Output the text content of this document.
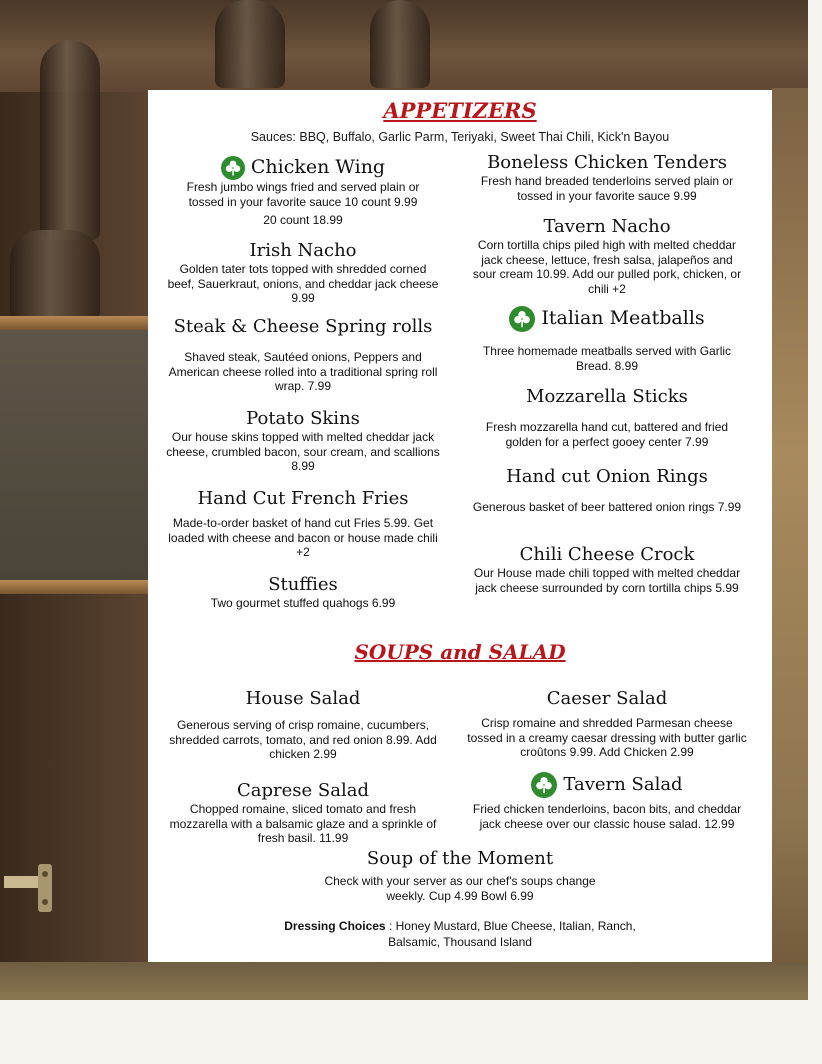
APPETIZERS
Sauces: BBQ, Buffalo, Garlic Parm, Teriyaki, Sweet Thai Chili, Kick'n Bayou
Chicken Wing

Fresh jumbo wings fried and served plain or tossed in your favorite sauce 10 count 9.99

20 count 18.99

Irish Nacho

Golden tater tots topped with shredded corned beef, Sauerkraut, onions, and cheddar jack cheese 9.99

Steak & Cheese Spring rolls

Shaved steak, Sautéed onions, Peppers and American cheese rolled into a traditional spring roll wrap. 7.99

Potato Skins

Our house skins topped with melted cheddar jack cheese, crumbled bacon, sour cream, and scallions 8.99

Hand Cut French Fries

Made-to-order basket of hand cut Fries 5.99. Get loaded with cheese and bacon or house made chili +2

Stuffies

Two gourmet stuffed quahogs 6.99

Boneless Chicken Tenders

Fresh hand breaded tenderloins served plain or tossed in your favorite sauce 9.99

Tavern Nacho

Corn tortilla chips piled high with melted cheddar jack cheese, lettuce, fresh salsa, jalapeños and sour cream 10.99. Add our pulled pork, chicken, or chili +2

Italian Meatballs

Three homemade meatballs served with Garlic Bread. 8.99

Mozzarella Sticks

Fresh mozzarella hand cut, battered and fried golden for a perfect gooey center 7.99

Hand cut Onion Rings

Generous basket of beer battered onion rings 7.99

Chili Cheese Crock

Our House made chili topped with melted cheddar jack cheese surrounded by corn tortilla chips 5.99

SOUPS and SALAD
House Salad

Generous serving of crisp romaine, cucumbers, shredded carrots, tomato, and red onion 8.99. Add chicken 2.99

Caprese Salad

Chopped romaine, sliced tomato and fresh mozzarella with a balsamic glaze and a sprinkle of fresh basil. 11.99

Caeser Salad

Crisp romaine and shredded Parmesan cheese tossed in a creamy caesar dressing with butter garlic croûtons 9.99. Add Chicken 2.99

Tavern Salad

Fried chicken tenderloins, bacon bits, and cheddar jack cheese over our classic house salad. 12.99

Soup of the Moment

Check with your server as our chef's soups change weekly. Cup 4.99 Bowl 6.99

Dressing Choices : Honey Mustard, Blue Cheese, Italian, Ranch,
Balsamic, Thousand Island
